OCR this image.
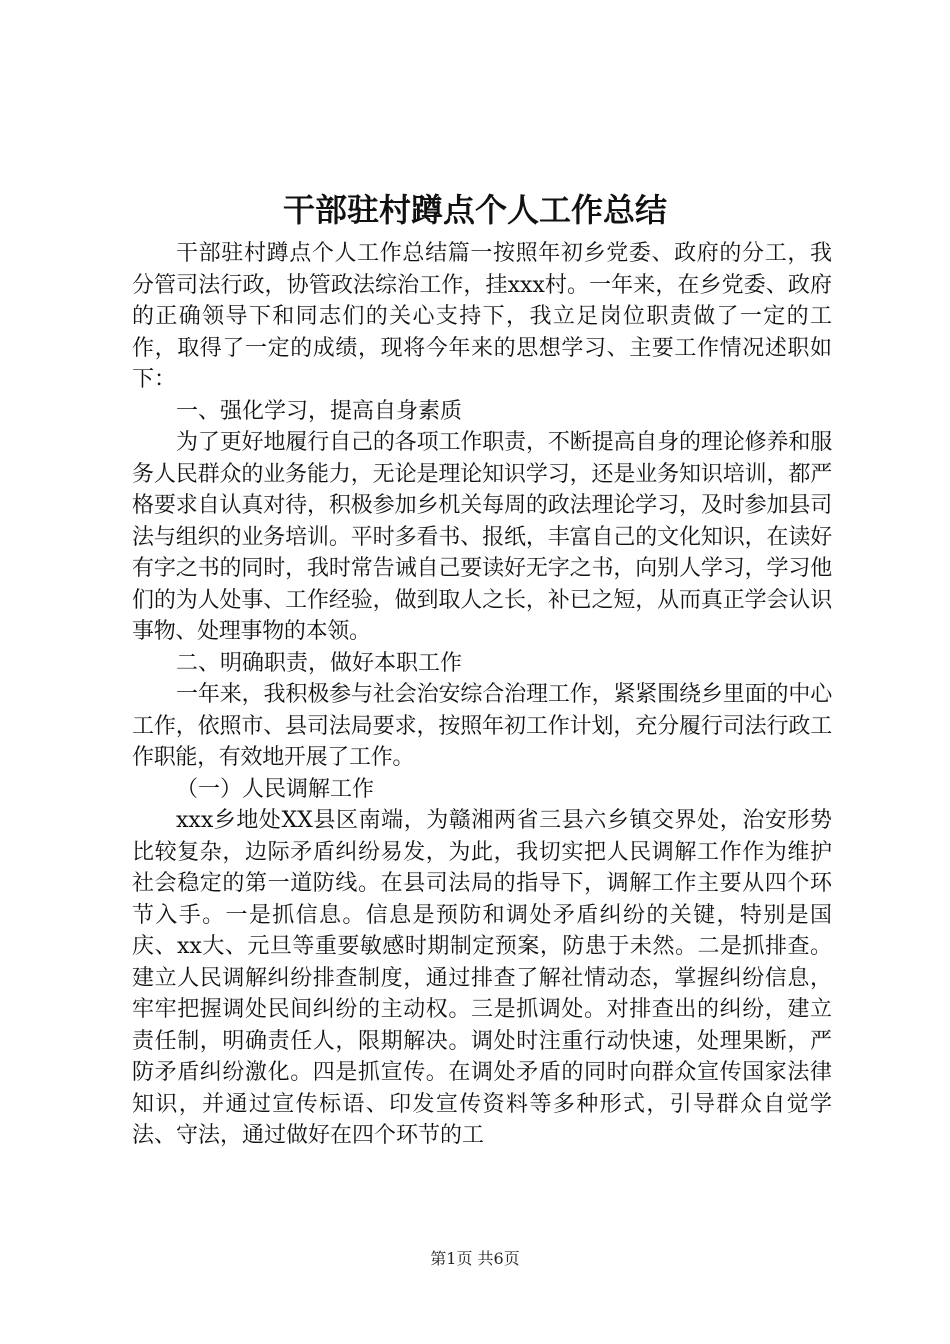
干部驻村蹲点个人工作总结

干部驻村蹲点个人工作总结篇一按照年初乡党委、政府的分工，我分管司法行政，协管政法综治工作，挂xxx村。一年来，在乡党委、政府的正确领导下和同志们的关心支持下，我立足岗位职责做了一定的工作，取得了一定的成绩，现将今年来的思想学习、主要工作情况述职如下：

一、强化学习，提高自身素质

为了更好地履行自己的各项工作职责，不断提高自身的理论修养和服务人民群众的业务能力，无论是理论知识学习，还是业务知识培训，都严格要求自认真对待，积极参加乡机关每周的政法理论学习，及时参加县司法与组织的业务培训。平时多看书、报纸，丰富自己的文化知识，在读好有字之书的同时，我时常告诫自己要读好无字之书，向别人学习，学习他们的为人处事、工作经验，做到取人之长，补已之短，从而真正学会认识事物、处理事物的本领。

二、明确职责，做好本职工作

一年来，我积极参与社会治安综合治理工作，紧紧围绕乡里面的中心工作，依照市、县司法局要求，按照年初工作计划，充分履行司法行政工作职能，有效地开展了工作。

（一）人民调解工作

xxx乡地处XX县区南端，为赣湘两省三县六乡镇交界处，治安形势比较复杂，边际矛盾纠纷易发，为此，我切实把人民调解工作作为维护社会稳定的第一道防线。在县司法局的指导下，调解工作主要从四个环节入手。一是抓信息。信息是预防和调处矛盾纠纷的关键，特别是国庆、xx大、元旦等重要敏感时期制定预案，防患于未然。二是抓排查。建立人民调解纠纷排查制度，通过排查了解社情动态，掌握纠纷信息，牢牢把握调处民间纠纷的主动权。三是抓调处。对排查出的纠纷，建立责任制，明确责任人，限期解决。调处时注重行动快速，处理果断，严防矛盾纠纷激化。四是抓宣传。在调处矛盾的同时向群众宣传国家法律知识，并通过宣传标语、印发宣传资料等多种形式，引导群众自觉学法、守法，通过做好在四个环节的工

第1页 共6页
